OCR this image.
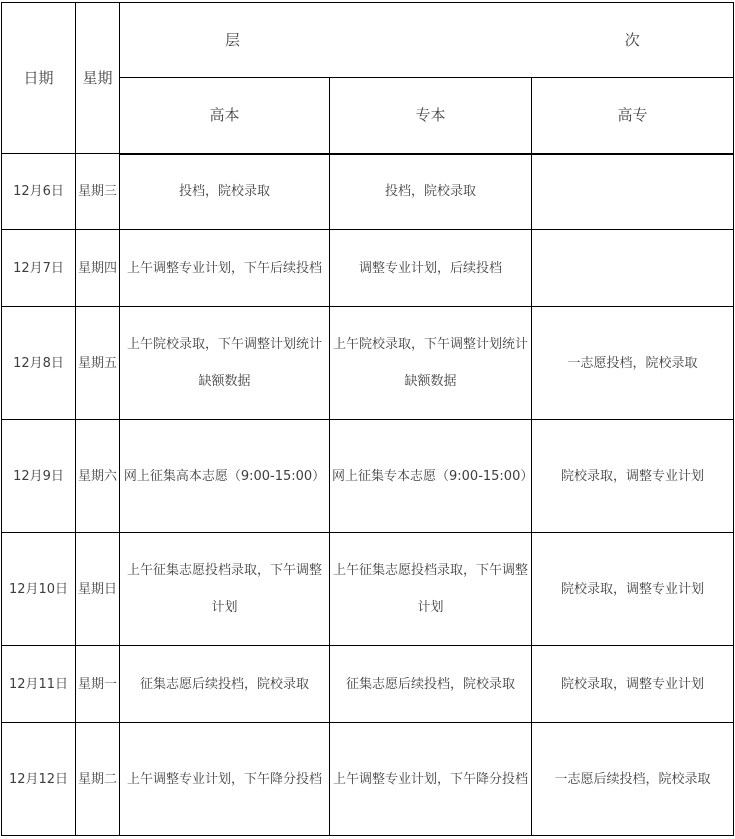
日期	星期	层		次
		高本	专本	高专
12月6日	星期三	投档，院校录取	投档，院校录取	
12月7日	星期四	上午调整专业计划，下午后续投档	调整专业计划，后续投档	
12月8日	星期五	上午院校录取，下午调整计划统计缺额数据	上午院校录取，下午调整计划统计缺额数据	一志愿投档，院校录取
12月9日	星期六	网上征集高本志愿（9:00-15:00）	网上征集专本志愿（9:00-15:00）	院校录取，调整专业计划
12月10日	星期日	上午征集志愿投档录取，下午调整计划	上午征集志愿投档录取，下午调整计划	院校录取，调整专业计划
12月11日	星期一	征集志愿后续投档，院校录取	征集志愿后续投档，院校录取	院校录取，调整专业计划
12月12日	星期二	上午调整专业计划，下午降分投档	上午调整专业计划，下午降分投档	一志愿后续投档，院校录取
